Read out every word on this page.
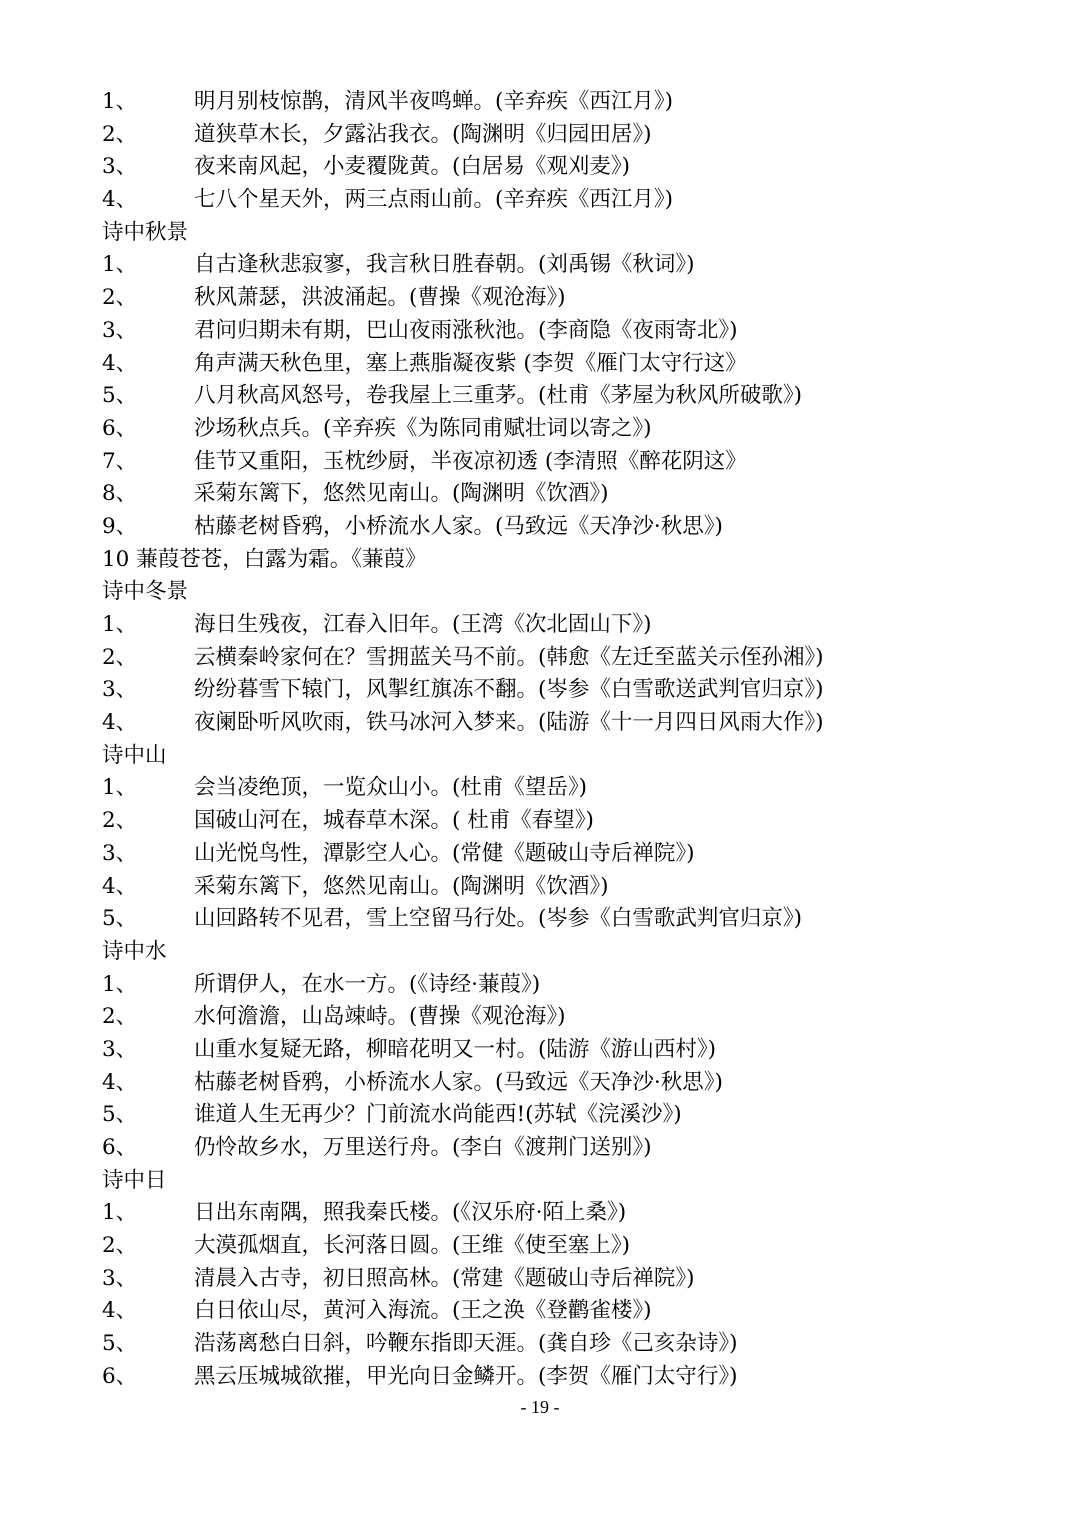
1、	明月别枝惊鹊，清风半夜鸣蝉。(辛弃疾《西江月》)
2、	道狭草木长，夕露沾我衣。(陶渊明《归园田居》)
3、	夜来南风起，小麦覆陇黄。(白居易《观刈麦》)
4、	七八个星天外，两三点雨山前。(辛弃疾《西江月》)
诗中秋景
1、	自古逢秋悲寂寥，我言秋日胜春朝。(刘禹锡《秋词》)
2、	秋风萧瑟，洪波涌起。(曹操《观沧海》)
3、	君问归期未有期，巴山夜雨涨秋池。(李商隐《夜雨寄北》)
4、	角声满天秋色里，塞上燕脂凝夜紫 (李贺《雁门太守行这》
5、	八月秋高风怒号，卷我屋上三重茅。(杜甫《茅屋为秋风所破歌》)
6、	沙场秋点兵。(辛弃疾《为陈同甫赋壮词以寄之》)
7、	佳节又重阳，玉枕纱厨，半夜凉初透 (李清照《醉花阴这》
8、	采菊东篱下，悠然见南山。(陶渊明《饮酒》)
9、	枯藤老树昏鸦，小桥流水人家。(马致远《天净沙·秋思》)
10 蒹葭苍苍，白露为霜。《蒹葭》
诗中冬景
1、	海日生残夜，江春入旧年。(王湾《次北固山下》)
2、	云横秦岭家何在？雪拥蓝关马不前。(韩愈《左迁至蓝关示侄孙湘》)
3、	纷纷暮雪下辕门，风掣红旗冻不翻。(岑参《白雪歌送武判官归京》)
4、	夜阑卧听风吹雨，铁马冰河入梦来。(陆游《十一月四日风雨大作》)
诗中山
1、	会当凌绝顶，一览众山小。(杜甫《望岳》)
2、	国破山河在，城春草木深。( 杜甫《春望》)
3、	山光悦鸟性，潭影空人心。(常健《题破山寺后禅院》)
4、	采菊东篱下，悠然见南山。(陶渊明《饮酒》)
5、	山回路转不见君，雪上空留马行处。(岑参《白雪歌武判官归京》)
诗中水
1、	所谓伊人，在水一方。(《诗经·蒹葭》)
2、	水何澹澹，山岛竦峙。(曹操《观沧海》)
3、	山重水复疑无路，柳暗花明又一村。(陆游《游山西村》)
4、	枯藤老树昏鸦，小桥流水人家。(马致远《天净沙·秋思》)
5、	谁道人生无再少？门前流水尚能西!(苏轼《浣溪沙》)
6、	仍怜故乡水，万里送行舟。(李白《渡荆门送别》)
诗中日
1、	日出东南隅，照我秦氏楼。(《汉乐府·陌上桑》)
2、	大漠孤烟直，长河落日圆。(王维《使至塞上》)
3、	清晨入古寺，初日照高林。(常建《题破山寺后禅院》)
4、	白日依山尽，黄河入海流。(王之涣《登鹳雀楼》)
5、	浩荡离愁白日斜，吟鞭东指即天涯。(龚自珍《己亥杂诗》)
6、	黑云压城城欲摧，甲光向日金鳞开。(李贺《雁门太守行》)
- 19 -
